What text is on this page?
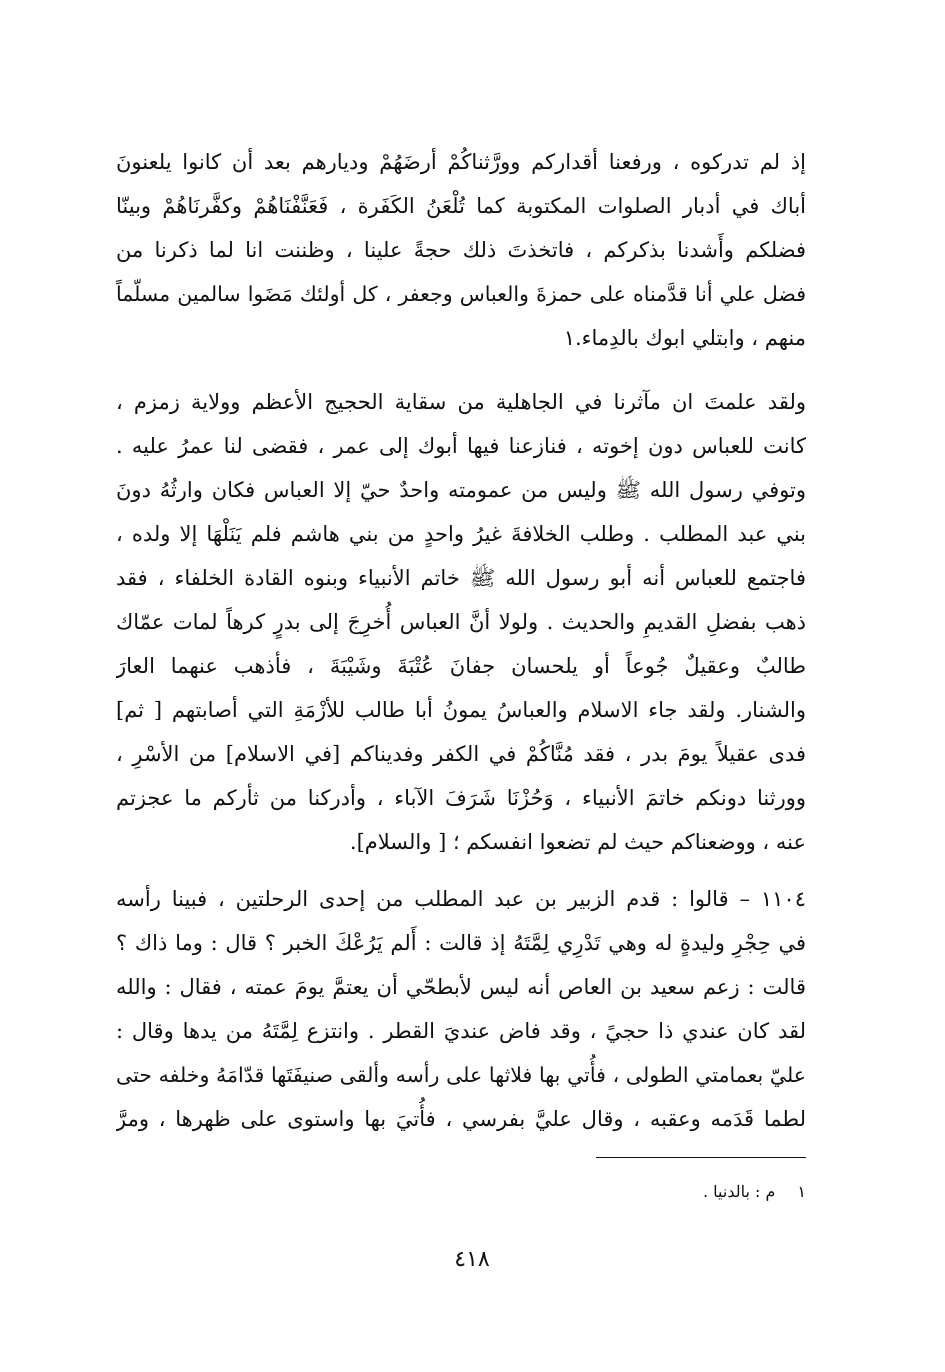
إذ لم تدركوه ، ورفعنا أقداركم وورَّثناكُمْ أرضَهُمْ وديارهم بعد أن كانوا يلعنونَ
أباك في أدبار الصلوات المكتوبة كما تُلْعَنُ الكَفَرة ، فَعَنَّفْنَاهُمْ وكفَّرنَاهُمْ وبينّا
فضلكم وأَشدنا بذكركم ، فاتخذتَ ذلك حجةً علينا ، وظننت انا لما ذكرنا من
فضل علي أنا قدَّمناه على حمزةَ والعباس وجعفر ، كل أولئك مَضَوا سالمين مسلّماً
منهم ، وابتلي ابوك بالدِماء.١
ولقد علمتَ ان مآثرنا في الجاهلية من سقاية الحجيج الأعظم وولاية زمزم ،
كانت للعباس دون إخوته ، فنازعنا فيها أبوك إلى عمر ، فقضى لنا عمرُ عليه .
وتوفي رسول الله ﷺ وليس من عمومته واحدٌ حيّ إلا العباس فكان وارثُهُ دونَ
بني عبد المطلب . وطلب الخلافةَ غيرُ واحدٍ من بني هاشم فلم يَنَلْهَا إلا ولده ،
فاجتمع للعباس أنه أبو رسول الله ﷺ خاتم الأنبياء وبنوه القادة الخلفاء ، فقد
ذهب بفضلِ القديمِ والحديث . ولولا أنَّ العباس أُخرِجَ إلى بدرٍ كرهاً لمات عمّاك
طالبٌ وعقيلٌ جُوعاً أو يلحسان جفانَ عُتْبَةَ وشَيْبَةَ ، فأذهب عنهما العارَ
والشنار. ولقد جاء الاسلام والعباسُ يمونُ أبا طالب للأزْمَةِ التي أصابتهم [ ثم]
فدى عقيلاً يومَ بدر ، فقد مُنَّاكُمْ في الكفر وفديناكم [في الاسلام] من الأسْرِ ،
وورثنا دونكم خاتمَ الأنبياء ، وَحُزْنَا شَرَفَ الآباء ، وأدركنا من ثأركم ما عجزتم
عنه ، ووضعناكم حيث لم تضعوا انفسكم ؛ [ والسلام].
١١٠٤ – قالوا : قدم الزبير بن عبد المطلب من إحدى الرحلتين ، فبينا رأسه
في حِجْرِ وليدةٍ له وهي تَدْرِي لِمَّتَهُ إذ قالت : أَلم يَرُعْكَ الخبر ؟ قال : وما ذاك ؟
قالت : زعم سعيد بن العاص أنه ليس لأبطحّي أن يعتمَّ يومَ عمته ، فقال : والله
لقد كان عندي ذا حجيً ، وقد فاض عنديَ القطر . وانتزع لِمَّتَهُ من يدها وقال :
عليّ بعمامتي الطولى ، فأُتي بها فلاثها على رأسه وألقى صنيفَتَها قدّامَهُ وخلفه حتى
لطما قَدَمه وعقبه ، وقال عليَّ بفرسي ، فأُتيَ بها واستوى على ظهرها ، ومرَّ
١م : بالدنيا .
٤١٨
